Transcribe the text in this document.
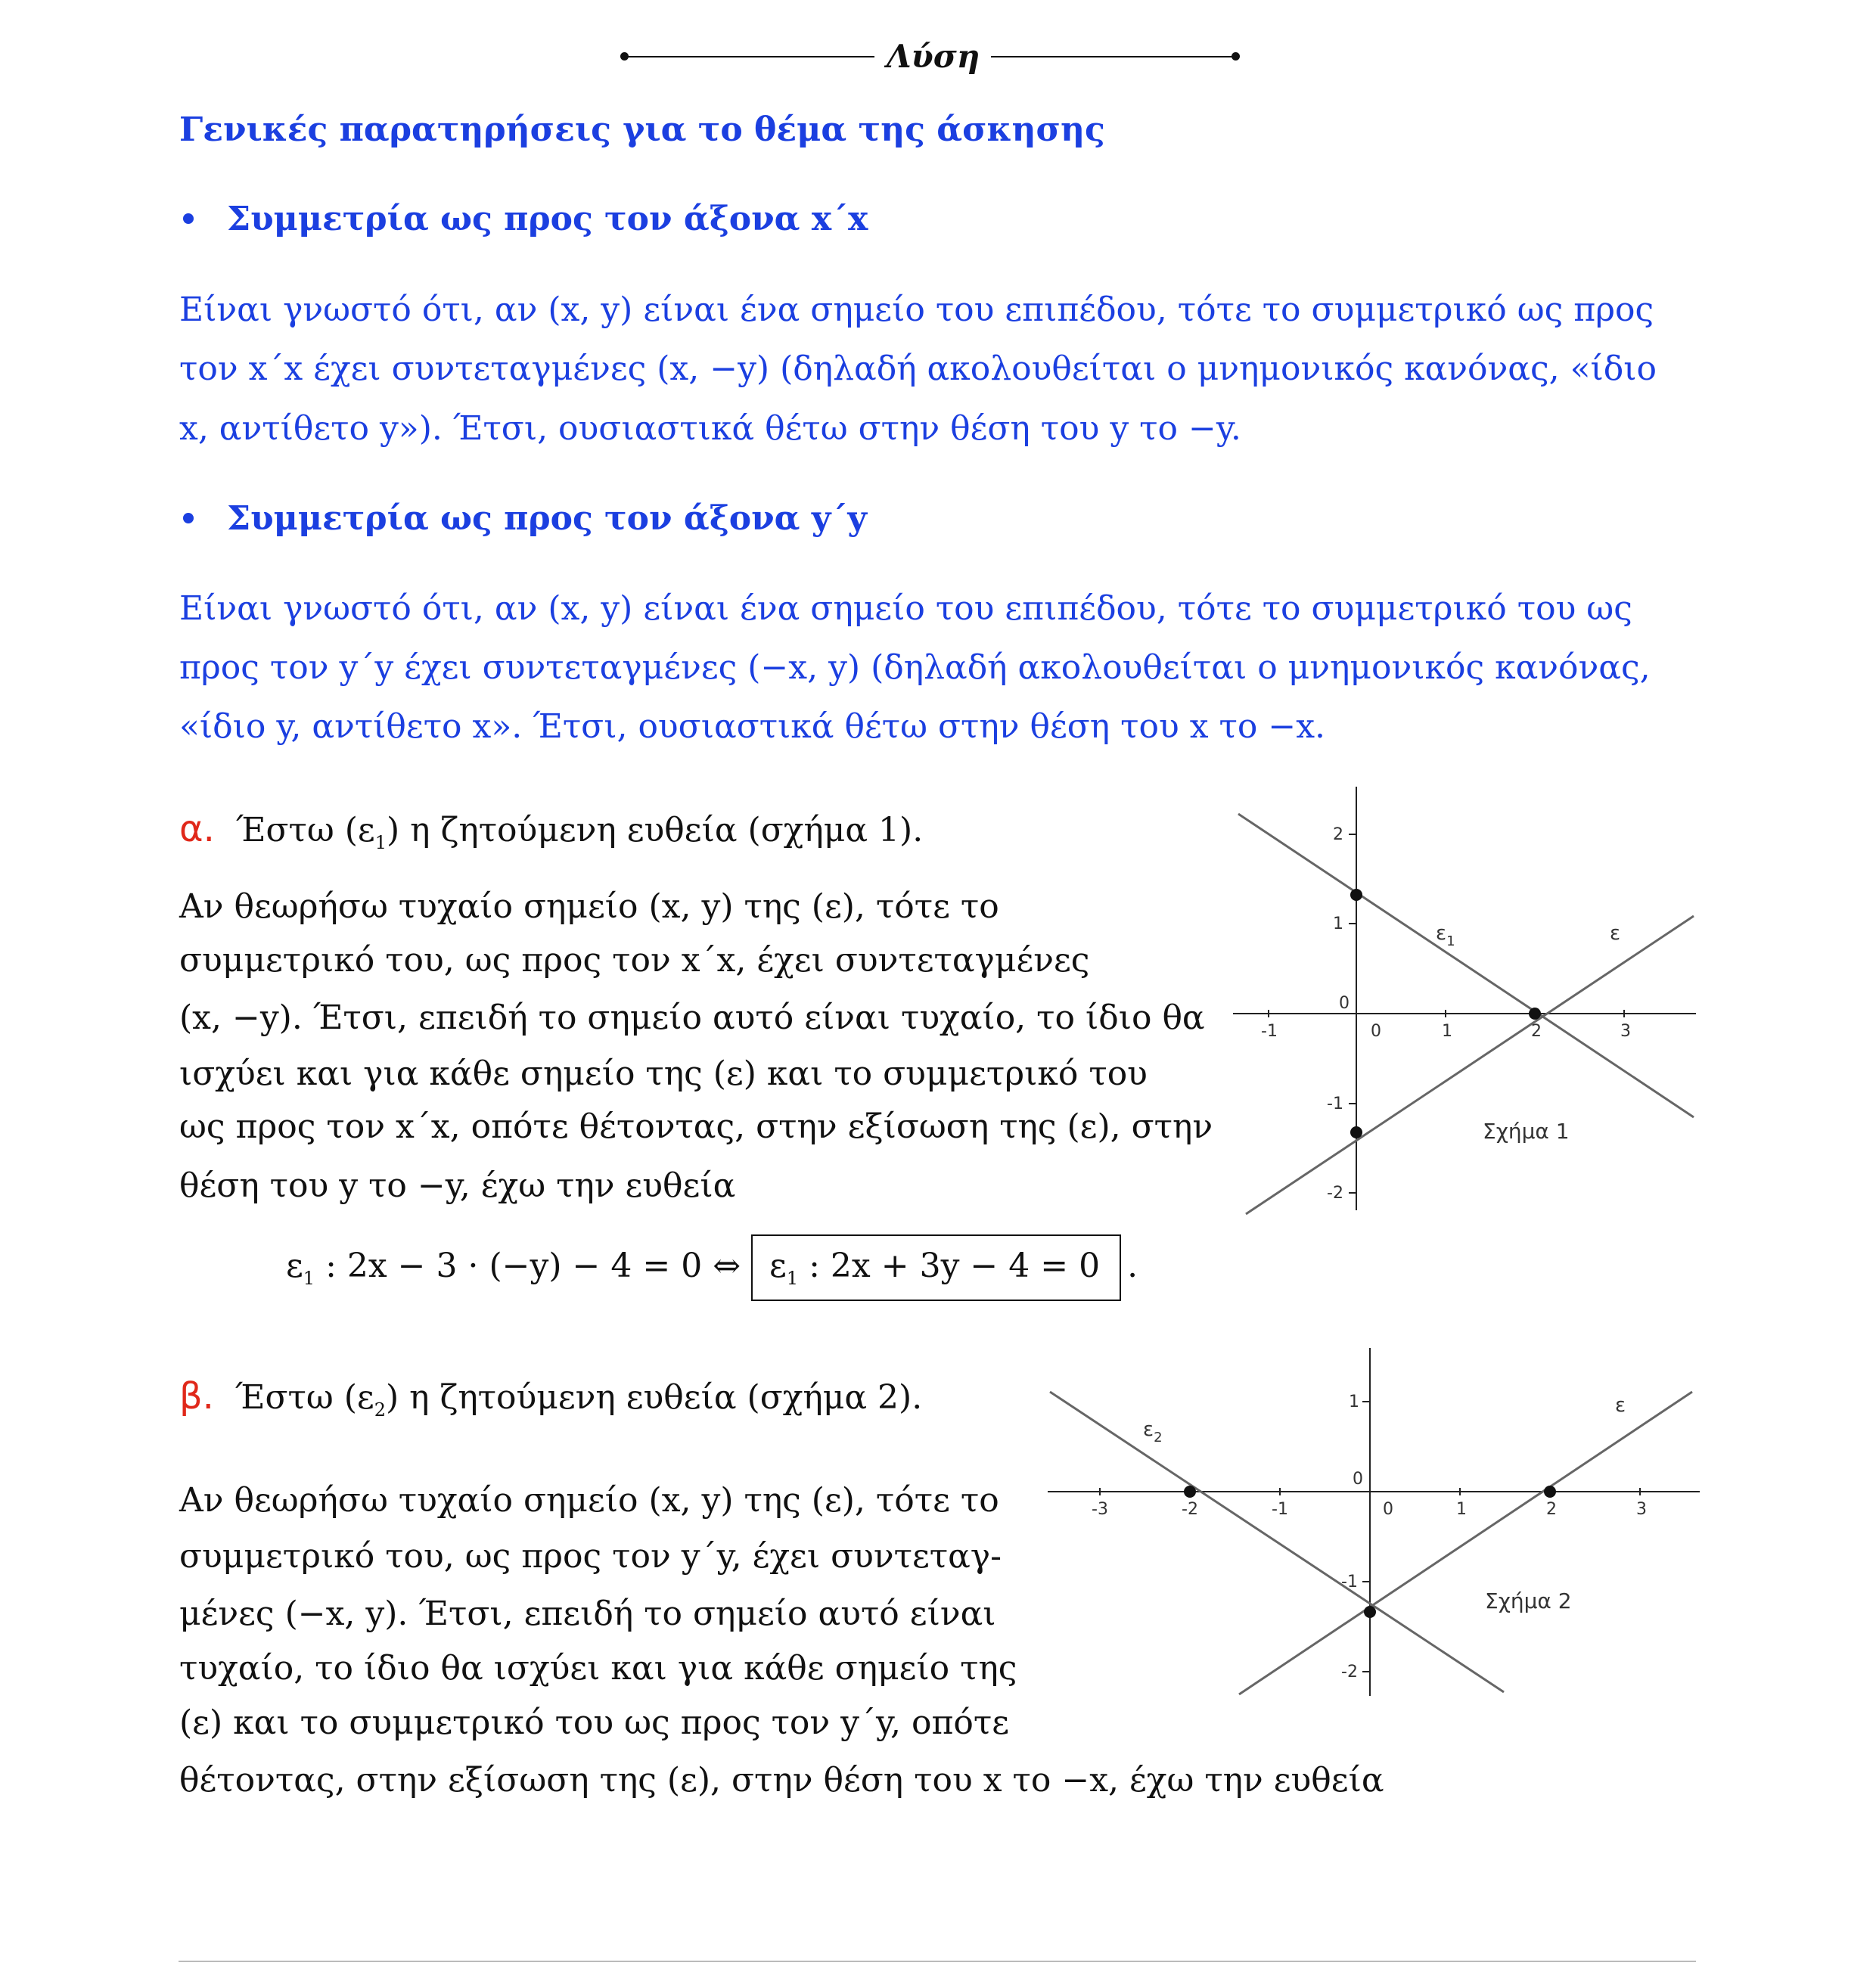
Λύση
Γενικές παρατηρήσεις για το θέμα της άσκησης
Συμμετρία ως προς τον άξονα x΄x
Είναι γνωστό ότι, αν (x, y) είναι ένα σημείο του επιπέδου, τότε το συμμετρικό ως προς
τον x΄x έχει συντεταγμένες (x, −y) (δηλαδή ακολουθείται ο μνημονικός κανόνας, «ίδιο
x, αντίθετο y»). Έτσι, ουσιαστικά θέτω στην θέση του y το −y.
Συμμετρία ως προς τον άξονα y΄y
Είναι γνωστό ότι, αν (x, y) είναι ένα σημείο του επιπέδου, τότε το συμμετρικό του ως
προς τον y΄y έχει συντεταγμένες (−x, y) (δηλαδή ακολουθείται ο μνημονικός κανόνας,
«ίδιο y, αντίθετο x». Έτσι, ουσιαστικά θέτω στην θέση του x το −x.
α. Έστω $(\varepsilon_1)$ η ζητούμενη ευθεία (σχήμα 1).
Αν θεωρήσω τυχαίο σημείο (x, y) της (ε), τότε το
συμμετρικό του, ως προς τον x΄x, έχει συντεταγμένες
(x, −y). Έτσι, επειδή το σημείο αυτό είναι τυχαίο, το ίδιο θα
ισχύει και για κάθε σημείο της (ε) και το συμμετρικό του
ως προς τον x΄x, οπότε θέτοντας, στην εξίσωση της (ε), στην
θέση του y το −y, έχω την ευθεία
$\varepsilon_1$ : 2x − 3 · (−y) − 4 = 0 ⇔ $\varepsilon_1$ : 2x + 3y − 4 = 0 .
-1	0	1	2	3
2
1
0
-1
-2
$\varepsilon_1$	ε
Σχήμα 1
β. Έστω $(\varepsilon_2)$ η ζητούμενη ευθεία (σχήμα 2).
Αν θεωρήσω τυχαίο σημείο (x, y) της (ε), τότε το
συμμετρικό του, ως προς τον y΄y, έχει συντεταγ-
μένες (−x, y). Έτσι, επειδή το σημείο αυτό είναι
τυχαίο, το ίδιο θα ισχύει και για κάθε σημείο της
(ε) και το συμμετρικό του ως προς τον y΄y, οπότε
θέτοντας, στην εξίσωση της (ε), στην θέση του x το −x, έχω την ευθεία
-3	-2	-1	0	1	2	3
1
0
-1
-2
$\varepsilon_2$
ε
Σχήμα 2
